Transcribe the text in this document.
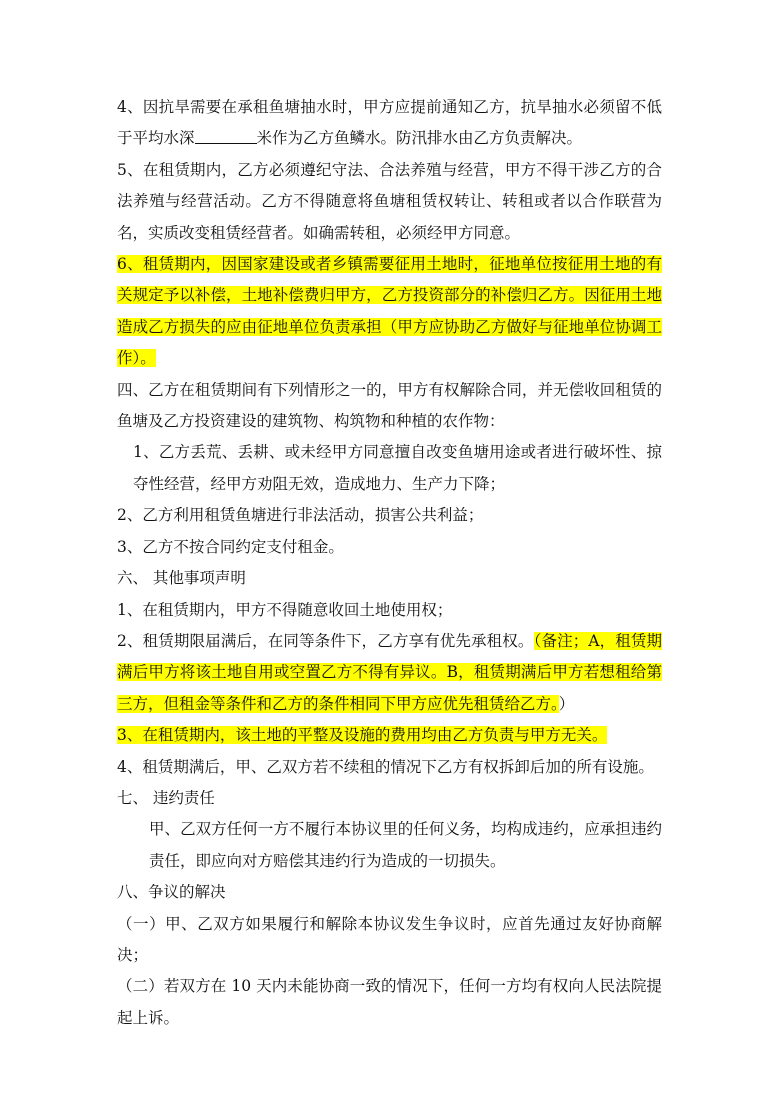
4、因抗旱需要在承租鱼塘抽水时，甲方应提前通知乙方，抗旱抽水必须留不低于平均水深	米作为乙方鱼鳞水。防汛排水由乙方负责解决。

5、在租赁期内，乙方必须遵纪守法、合法养殖与经营，甲方不得干涉乙方的合法养殖与经营活动。乙方不得随意将鱼塘租赁权转让、转租或者以合作联营为名，实质改变租赁经营者。如确需转租，必须经甲方同意。

6、租赁期内，因国家建设或者乡镇需要征用土地时，征地单位按征用土地的有关规定予以补偿，土地补偿费归甲方，乙方投资部分的补偿归乙方。因征用土地造成乙方损失的应由征地单位负责承担（甲方应协助乙方做好与征地单位协调工作）。

四、乙方在租赁期间有下列情形之一的，甲方有权解除合同，并无偿收回租赁的鱼塘及乙方投资建设的建筑物、构筑物和种植的农作物：

1、乙方丢荒、丢耕、或未经甲方同意擅自改变鱼塘用途或者进行破坏性、掠夺性经营，经甲方劝阻无效，造成地力、生产力下降；

2、乙方利用租赁鱼塘进行非法活动，损害公共利益；

3、乙方不按合同约定支付租金。

六、 其他事项声明

1、在租赁期内，甲方不得随意收回土地使用权；

2、租赁期限届满后，在同等条件下，乙方享有优先承租权。（备注；A，租赁期满后甲方将该土地自用或空置乙方不得有异议。B，租赁期满后甲方若想租给第三方，但租金等条件和乙方的条件相同下甲方应优先租赁给乙方。）

3、在租赁期内，该土地的平整及设施的费用均由乙方负责与甲方无关。

4、租赁期满后，甲、乙双方若不续租的情况下乙方有权拆卸后加的所有设施。

七、 违约责任

甲、乙双方任何一方不履行本协议里的任何义务，均构成违约，应承担违约责任，即应向对方赔偿其违约行为造成的一切损失。

八、争议的解决

（一）甲、乙双方如果履行和解除本协议发生争议时，应首先通过友好协商解决；

（二）若双方在 10 天内未能协商一致的情况下，任何一方均有权向人民法院提起上诉。
